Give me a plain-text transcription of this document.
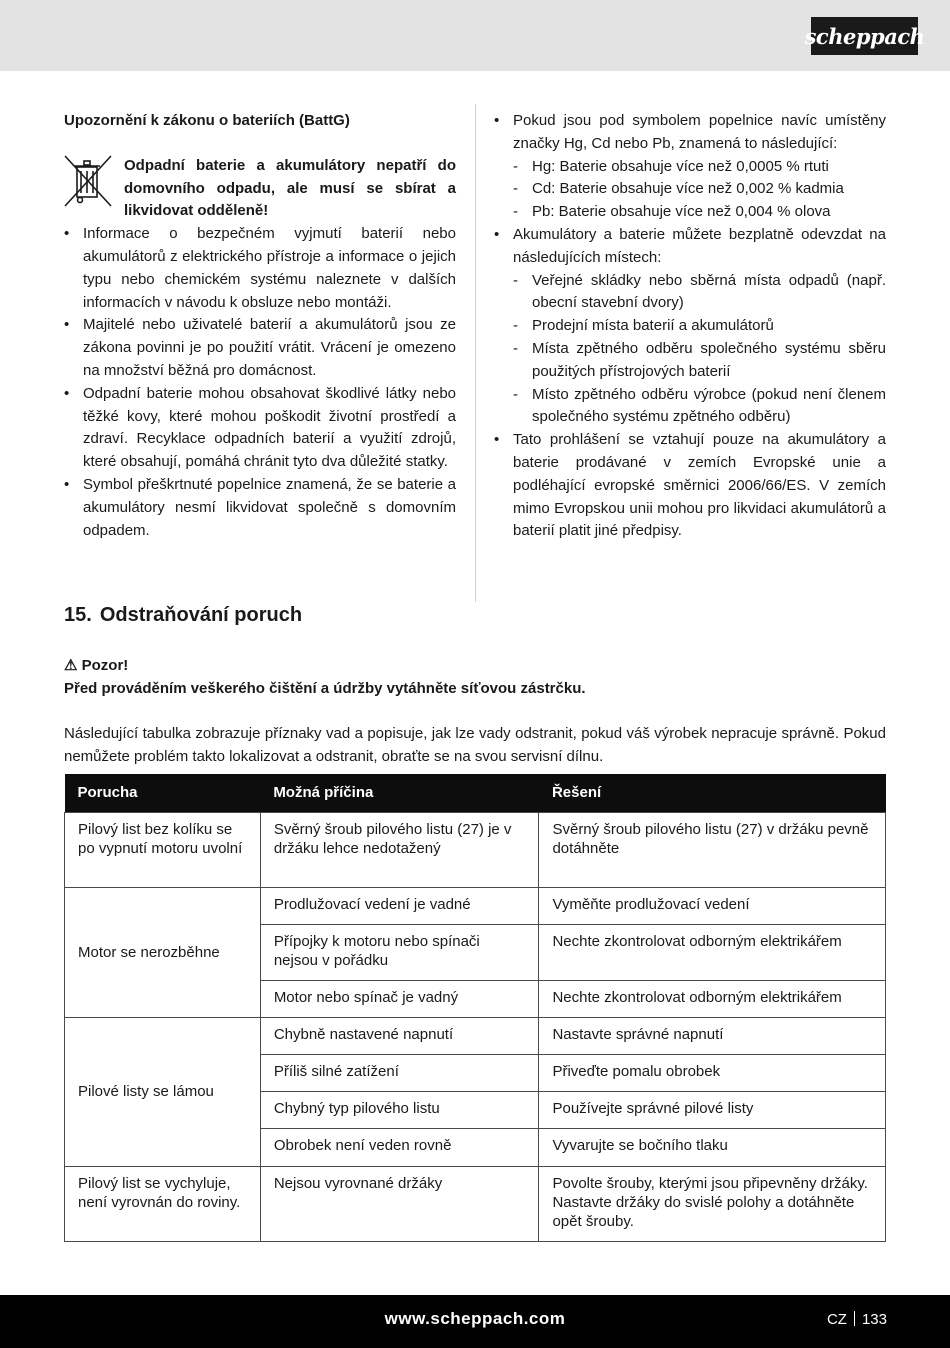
scheppach

Upozornění k zákonu o bateriích (BattG)

Odpadní baterie a akumulátory nepatří do domovního odpadu, ale musí se sbírat a likvidovat odděleně!
• Informace o bezpečném vyjmutí baterií nebo akumulátorů z elektrického přístroje a informace o jejich typu nebo chemickém systému naleznete v dalších informacích v návodu k obsluze nebo montáži.
• Majitelé nebo uživatelé baterií a akumulátorů jsou ze zákona povinni je po použití vrátit. Vrácení je omezeno na množství běžná pro domácnost.
• Odpadní baterie mohou obsahovat škodlivé látky nebo těžké kovy, které mohou poškodit životní prostředí a zdraví. Recyklace odpadních baterií a využití zdrojů, které obsahují, pomáhá chránit tyto dva důležité statky.
• Symbol přeškrtnuté popelnice znamená, že se baterie a akumulátory nesmí likvidovat společně s domovním odpadem.
• Pokud jsou pod symbolem popelnice navíc umístěny značky Hg, Cd nebo Pb, znamená to následující:
- Hg: Baterie obsahuje více než 0,0005 % rtuti
- Cd: Baterie obsahuje více než 0,002 % kadmia
- Pb: Baterie obsahuje více než 0,004 % olova
• Akumulátory a baterie můžete bezplatně odevzdat na následujících místech:
- Veřejné skládky nebo sběrná místa odpadů (např. obecní stavební dvory)
- Prodejní místa baterií a akumulátorů
- Místa zpětného odběru společného systému sběru použitých přístrojových baterií
- Místo zpětného odběru výrobce (pokud není členem společného systému zpětného odběru)
• Tato prohlášení se vztahují pouze na akumulátory a baterie prodávané v zemích Evropské unie a podléhající evropské směrnici 2006/66/ES. V zemích mimo Evropskou unii mohou pro likvidaci akumulátorů a baterií platit jiné předpisy.
15. Odstraňování poruch
⚠ Pozor!
Před prováděním veškerého čištění a údržby vytáhněte síťovou zástrčku.
Následující tabulka zobrazuje příznaky vad a popisuje, jak lze vady odstranit, pokud váš výrobek nepracuje správně. Pokud nemůžete problém takto lokalizovat a odstranit, obraťte se na svou servisní dílnu.
Porucha	Možná příčina	Řešení
Pilový list bez kolíku se po vypnutí motoru uvolní	Svěrný šroub pilového listu (27) je v držáku lehce nedotažený	Svěrný šroub pilového listu (27) v držáku pevně dotáhněte
Motor se nerozběhne	Prodlužovací vedení je vadné	Vyměňte prodlužovací vedení
	Přípojky k motoru nebo spínači nejsou v pořádku	Nechte zkontrolovat odborným elektrikářem
	Motor nebo spínač je vadný	Nechte zkontrolovat odborným elektrikářem
Pilové listy se lámou	Chybně nastavené napnutí	Nastavte správné napnutí
	Příliš silné zatížení	Přiveďte pomalu obrobek
	Chybný typ pilového listu	Používejte správné pilové listy
	Obrobek není veden rovně	Vyvarujte se bočního tlaku
Pilový list se vychyluje, není vyrovnán do roviny.	Nejsou vyrovnané držáky	Povolte šrouby, kterými jsou připevněny držáky. Nastavte držáky do svislé polohy a dotáhněte opět šrouby.
www.scheppach.com	CZ 133
